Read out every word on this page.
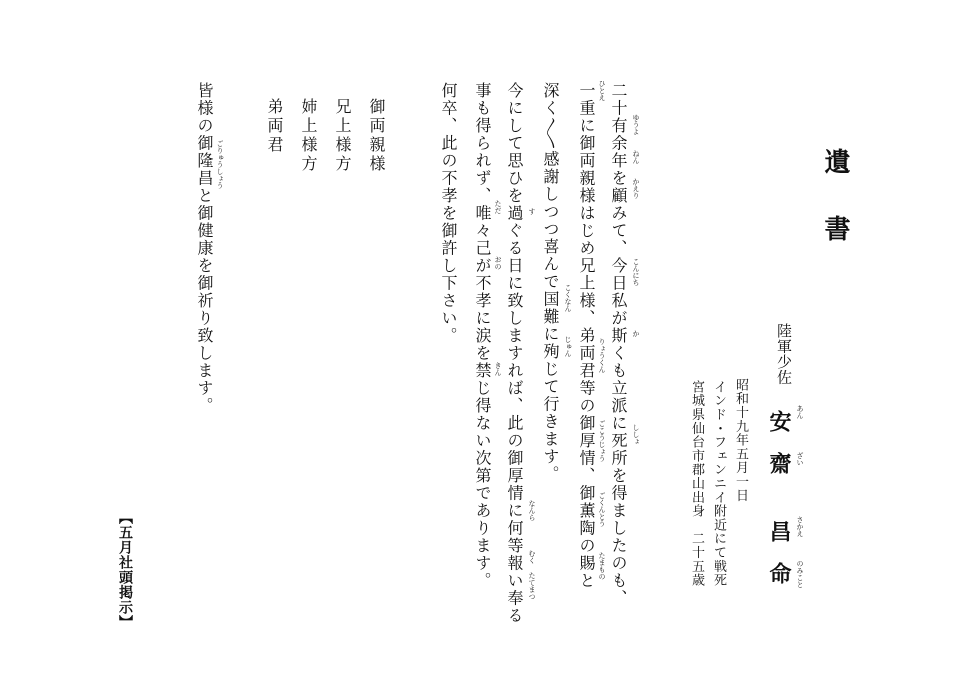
遺
書
陸軍少佐
安
齋
昌
命
あん
ざい
さかえ
のみこと
昭和十九年五月一日
インド・フェンニイ附近にて戦死
宮城県仙台市郡山出身　二十五歳
二十有余年を顧みて、今日私が斯くも立派に死所を得ましたのも、
一重に御両親様はじめ兄上様、弟両君等の御厚情、御薫陶の賜と
深く〳〵感謝しつつ喜んで国難に殉じて行きます。
今にして思ひを過ぐる日に致しますれば、此の御厚情に何等報い奉る
事も得られず、唯々己が不孝に涙を禁じ得ない次第であります。
何卒、此の不孝を御許し下さい。	ゆうよ
ねん
かえり
こんにち
か
ししょ
ひとえ
りょうくん
ごこうじょう
ごくんとう
たまもの
こくなん
じゅん
す
なんら
むく
たてまつ
ただ
おの
きん
御両親様
兄上様方
姉上様方
弟両君
皆様の御隆昌と御健康を御祈り致します。 ごりゅうしょう
【五月社頭掲示】
